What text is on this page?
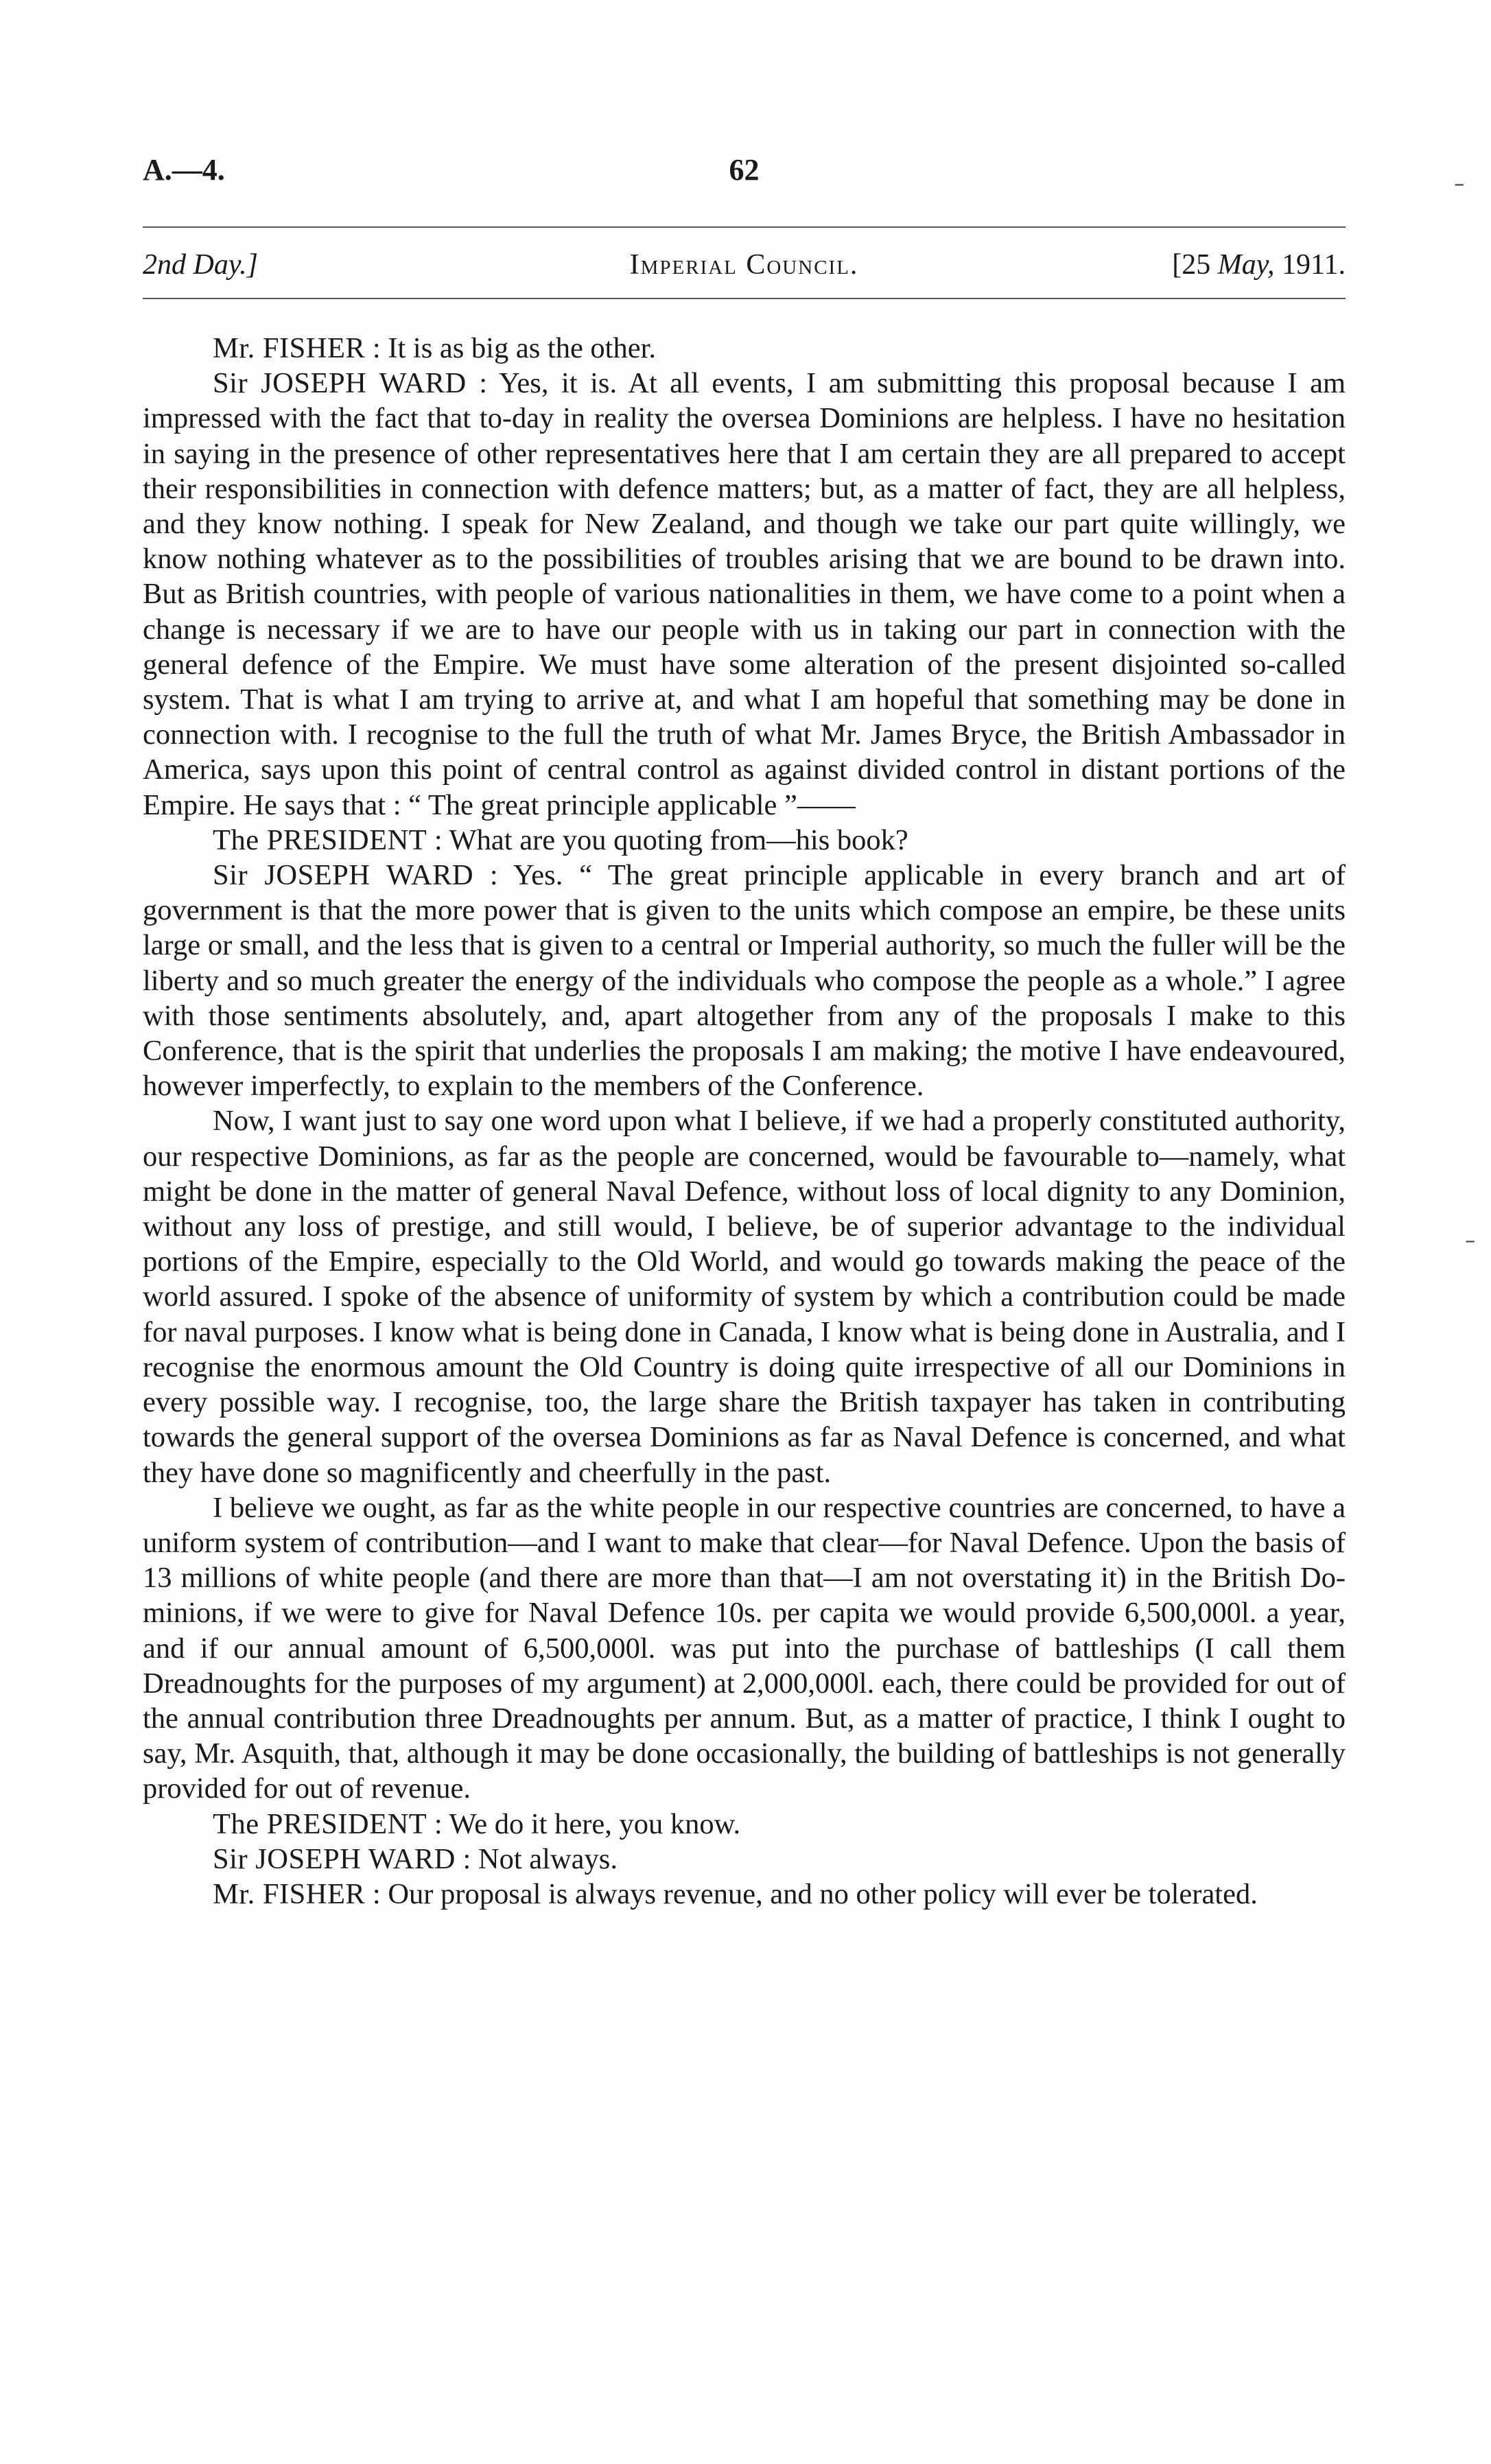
A.—4.	62
2nd Day.]	Imperial Council.	[25 May, 1911.

Mr. FISHER : It is as big as the other.

Sir JOSEPH WARD : Yes, it is. At all events, I am submitting this proposal because I am impressed with the fact that to-day in reality the oversea Dominions are helpless. I have no hesitation in saying in the presence of other representatives here that I am certain they are all prepared to accept their responsibilities in connection with defence matters; but, as a matter of fact, they are all helpless, and they know nothing. I speak for New Zealand, and though we take our part quite willingly, we know nothing whatever as to the possibilities of troubles arising that we are bound to be drawn into. But as British countries, with people of various nationalities in them, we have come to a point when a change is necessary if we are to have our people with us in taking our part in connection with the general defence of the Empire. We must have some alteration of the present disjointed so-called system. That is what I am trying to arrive at, and what I am hopeful that something may be done in connection with. I recognise to the full the truth of what Mr. James Bryce, the British Ambassador in America, says upon this point of central control as against divided control in distant portions of the Empire. He says that : “ The great principle applicable ”——

The PRESIDENT : What are you quoting from—his book?

Sir JOSEPH WARD : Yes. “ The great principle applicable in every branch and art of government is that the more power that is given to the units which compose an empire, be these units large or small, and the less that is given to a central or Imperial authority, so much the fuller will be the liberty and so much greater the energy of the individuals who compose the people as a whole.” I agree with those sentiments absolutely, and, apart altogether from any of the proposals I make to this Conference, that is the spirit that underlies the proposals I am making; the motive I have endeavoured, however imperfectly, to explain to the members of the Conference.

Now, I want just to say one word upon what I believe, if we had a properly constituted authority, our respective Dominions, as far as the people are concerned, would be favourable to—namely, what might be done in the matter of general Naval Defence, without loss of local dignity to any Dominion, without any loss of prestige, and still would, I believe, be of superior advantage to the individual portions of the Empire, especially to the Old World, and would go towards making the peace of the world assured. I spoke of the absence of uniformity of system by which a contribution could be made for naval purposes. I know what is being done in Canada, I know what is being done in Australia, and I recognise the enormous amount the Old Country is doing quite irrespective of all our Dominions in every possible way. I recognise, too, the large share the British taxpayer has taken in contributing towards the general support of the oversea Dominions as far as Naval Defence is concerned, and what they have done so magnificently and cheerfully in the past.

I believe we ought, as far as the white people in our respective countries are concerned, to have a uniform system of contribution—and I want to make that clear—for Naval Defence. Upon the basis of 13 millions of white people (and there are more than that—I am not overstating it) in the British Dominions, if we were to give for Naval Defence 10s. per capita we would provide 6,500,000l. a year, and if our annual amount of 6,500,000l. was put into the purchase of battleships (I call them Dreadnoughts for the purposes of my argument) at 2,000,000l. each, there could be provided for out of the annual contribution three Dreadnoughts per annum. But, as a matter of practice, I think I ought to say, Mr. Asquith, that, although it may be done occasionally, the building of battleships is not generally provided for out of revenue.

The PRESIDENT : We do it here, you know.

Sir JOSEPH WARD : Not always.

Mr. FISHER : Our proposal is always revenue, and no other policy will ever be tolerated.

˗
˗
